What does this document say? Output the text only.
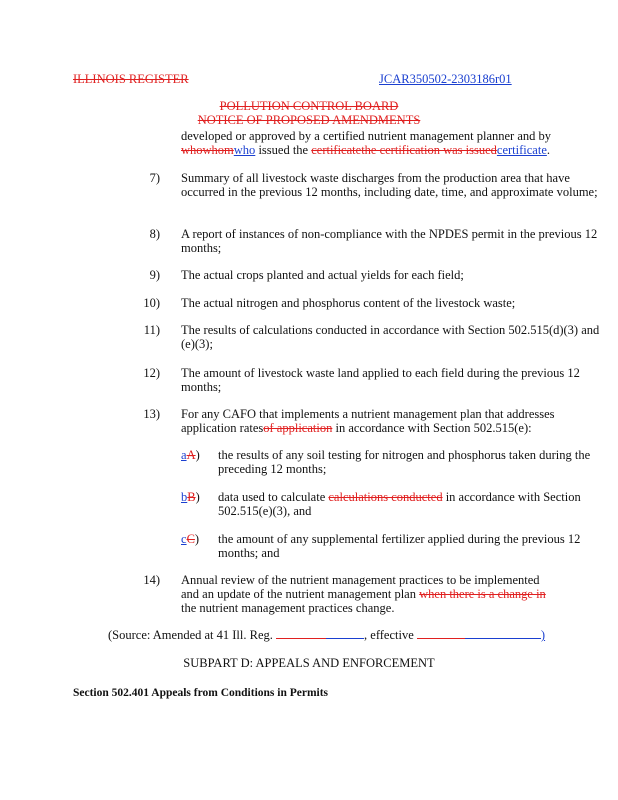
ILLINOIS REGISTER	JCAR350502-2303186r01
POLLUTION CONTROL BOARD
NOTICE OF PROPOSED AMENDMENTS
developed or approved by a certified nutrient management planner and by
whowhomwho issued the certificatethe certification was issuedcertificate.
7) Summary of all livestock waste discharges from the production area that have occurred in the previous 12 months, including date, time, and approximate volume;
8) A report of instances of non-compliance with the NPDES permit in the previous 12 months;
9) The actual crops planted and actual yields for each field;
10) The actual nitrogen and phosphorus content of the livestock waste;
11) The results of calculations conducted in accordance with Section 502.515(d)(3) and (e)(3);
12) The amount of livestock waste land applied to each field during the previous 12 months;
13) For any CAFO that implements a nutrient management plan that addresses
application ratesof application in accordance with Section 502.515(e):
aA) the results of any soil testing for nitrogen and phosphorus taken during the preceding 12 months;
bB) data used to calculate calculations conducted in accordance with Section 502.515(e)(3), and
cC) the amount of any supplemental fertilizer applied during the previous 12 months; and
14) Annual review of the nutrient management practices to be implemented
and an update of the nutrient management plan when there is a change in
the nutrient management practices change.
(Source: Amended at 41 Ill. Reg.	, effective	)
SUBPART D: APPEALS AND ENFORCEMENT
Section 502.401 Appeals from Conditions in Permits
